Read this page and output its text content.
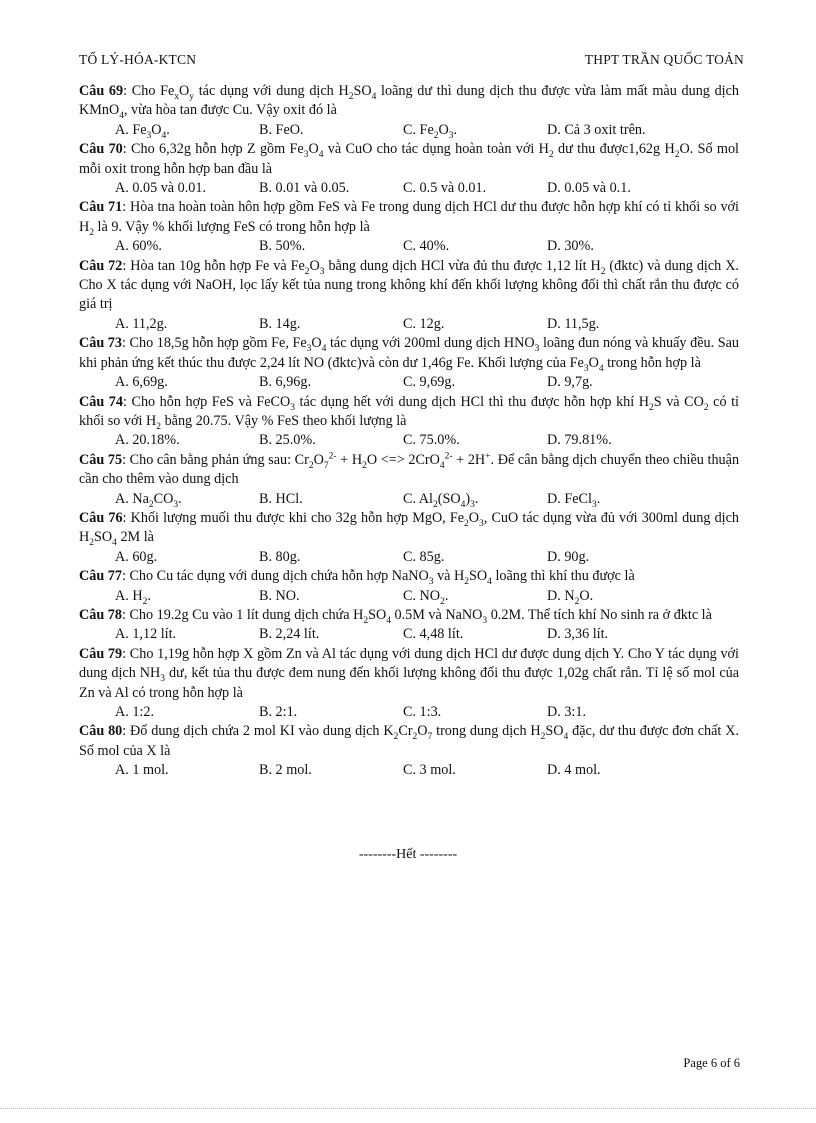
TỔ LÝ-HÓA-KTCN	THPT TRẦN QUỐC TOẢN
Câu 69: Cho $Fe_xO_y$ tác dụng với dung dịch $H_2SO_4$ loãng dư thì dung dịch thu được vừa làm mất màu dung dịch KMnO$_4$, vừa hòa tan được Cu. Vậy oxit đó là
A. $Fe_3O_4$.	B. FeO.	C. $Fe_2O_3$.	D. Cả 3 oxit trên.
Câu 70: Cho 6,32g hỗn hợp Z gồm $Fe_3O_4$ và CuO cho tác dụng hoàn toàn với $H_2$ dư thu được1,62g $H_2O$. Số mol mỗi oxit trong hỗn hợp ban đầu là
A. 0.05 và 0.01.	B. 0.01 và 0.05.	C. 0.5 và 0.01.	D. 0.05 và 0.1.
Câu 71: Hòa tna hoàn toàn hôn hợp gồm FeS và Fe trong dung dịch HCl dư thu được hỗn hợp khí có tỉ khối so với $H_2$ là 9. Vậy % khối lượng FeS có trong hỗn hợp là
A. 60%.	B. 50%.	C. 40%.	D. 30%.
Câu 72: Hòa tan 10g hỗn hợp Fe và $Fe_2O_3$ bằng dung dịch HCl vừa đủ thu được 1,12 lít $H_2$ (đktc) và dung dịch X. Cho X tác dụng với NaOH, lọc lấy kết tủa nung trong không khí đến khối lượng không đổi thì chất rắn thu được có giá trị
A. 11,2g.	B. 14g.	C. 12g.	D. 11,5g.
Câu 73: Cho 18,5g hỗn hợp gồm Fe, $Fe_3O_4$ tác dụng với 200ml dung dịch $HNO_3$ loãng đun nóng và khuấy đều. Sau khi phản ứng kết thúc thu được 2,24 lít NO (đktc)và còn dư 1,46g Fe. Khối lượng của $Fe_3O_4$ trong hỗn hợp là
A. 6,69g.	B. 6,96g.	C. 9,69g.	D. 9,7g.
Câu 74: Cho hỗn hợp FeS và FeCO$_3$ tác dụng hết với dung dịch HCl thì thu được hỗn hợp khí $H_2S$ và $CO_2$ có tỉ khối so với $H_2$ bằng 20.75. Vậy % FeS theo khối lượng là
A. 20.18%.	B. 25.0%.	C. 75.0%.	D. 79.81%.
Câu 75: Cho cân bằng phản ứng sau: $Cr_2O_7^{2-} + H_2O$ <=> 2CrO$_4^{2-}$ + 2H+. Để cân bằng dịch chuyển theo chiều thuận cần cho thêm vào dung dịch
A. $Na_2CO_3$.	B. HCl.	C. $Al_2(SO_4)_3$.	D. FeCl$_3$.
Câu 76: Khối lượng muối thu được khi cho 32g hỗn hợp MgO, $Fe_2O_3$, CuO tác dụng vừa đủ với 300ml dung dịch $H_2SO_4$ 2M là
A. 60g.	B. 80g.	C. 85g.	D. 90g.
Câu 77: Cho Cu tác dụng với dung dịch chứa hỗn hợp NaNO$_3$ và $H_2SO_4$ loãng thì khí thu được là
A. $H_2$.	B. NO.	C. $NO_2$.	D. $N_2O$.
Câu 78: Cho 19.2g Cu vào 1 lít dung dịch chứa $H_2SO_4$ 0.5M và NaNO$_3$ 0.2M. Thể tích khí No sinh ra ở đktc là
A. 1,12 lít.	B. 2,24 lít.	C. 4,48 lít.	D. 3,36 lít.
Câu 79: Cho 1,19g hỗn hợp X gồm Zn và Al tác dụng với dung dịch HCl dư được dung dịch Y. Cho Y tác dụng với dung dịch $NH_3$ dư, kết tủa thu được đem nung đến khối lượng không đổi thu được 1,02g chất rắn. Tỉ lệ số mol của Zn và Al có trong hỗn hợp là
A. 1:2.	B. 2:1.	C. 1:3.	D. 3:1.
Câu 80: Đổ dung dịch chứa 2 mol KI vào dung dịch $K_2Cr_2O_7$ trong dung dịch $H_2SO_4$ đặc, dư thu được đơn chất X. Số mol của X là
A. 1 mol.	B. 2 mol.	C. 3 mol.	D. 4 mol.
--------Hết --------
Page 6 of 6
